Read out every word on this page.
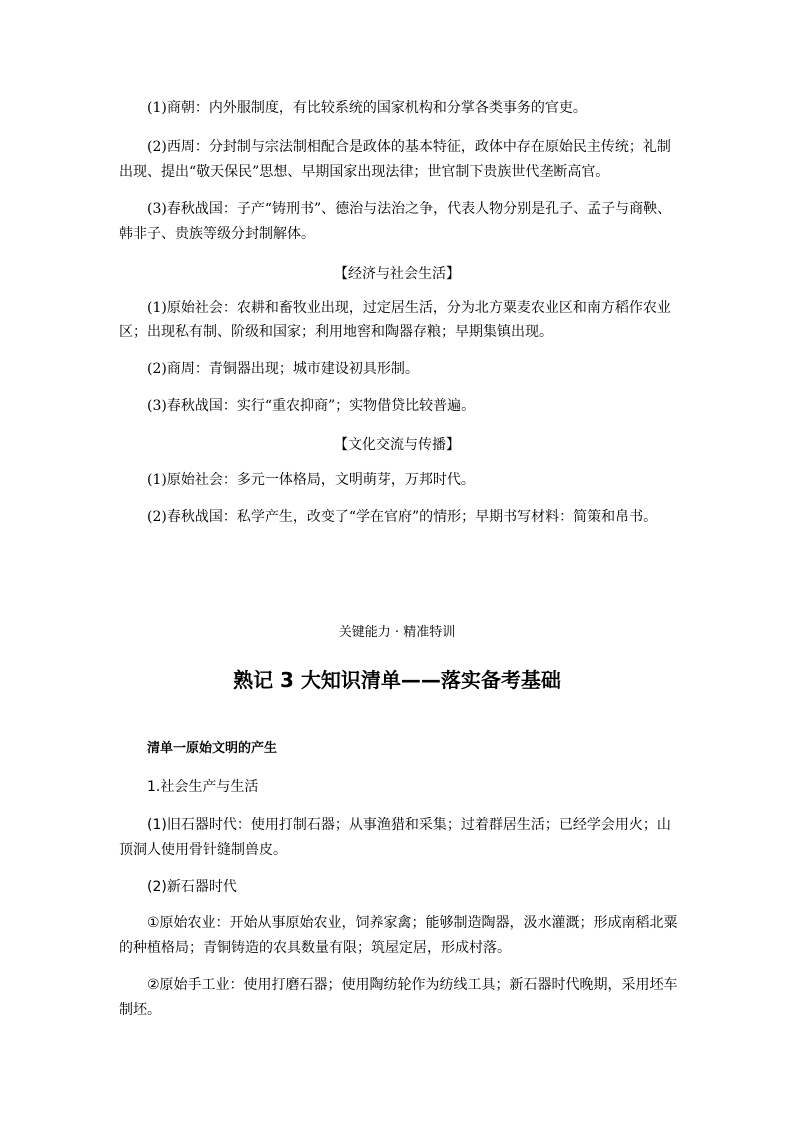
(1)商朝：内外服制度，有比较系统的国家机构和分掌各类事务的官吏。
(2)西周：分封制与宗法制相配合是政体的基本特征，政体中存在原始民主传统；礼制
出现、提出“敬天保民”思想、早期国家出现法律；世官制下贵族世代垄断高官。
(3)春秋战国：子产“铸刑书”、德治与法治之争，代表人物分别是孔子、孟子与商鞅、
韩非子、贵族等级分封制解体。
【经济与社会生活】
(1)原始社会：农耕和畜牧业出现，过定居生活，分为北方粟麦农业区和南方稻作农业
区；出现私有制、阶级和国家；利用地窖和陶器存粮；早期集镇出现。
(2)商周：青铜器出现；城市建设初具形制。
(3)春秋战国：实行“重农抑商”；实物借贷比较普遍。
【文化交流与传播】
(1)原始社会：多元一体格局，文明萌芽，万邦时代。
(2)春秋战国：私学产生，改变了“学在官府”的情形；早期书写材料：简策和帛书。
关键能力 · 精准特训
熟记 3 大知识清单——落实备考基础
清单一原始文明的产生
1.社会生产与生活
(1)旧石器时代：使用打制石器；从事渔猎和采集；过着群居生活；已经学会用火；山
顶洞人使用骨针缝制兽皮。
(2)新石器时代
①原始农业：开始从事原始农业，饲养家禽；能够制造陶器，汲水灌溉；形成南稻北粟
的种植格局；青铜铸造的农具数量有限；筑屋定居，形成村落。
②原始手工业：使用打磨石器；使用陶纺轮作为纺线工具；新石器时代晚期，采用坯车
制坯。
